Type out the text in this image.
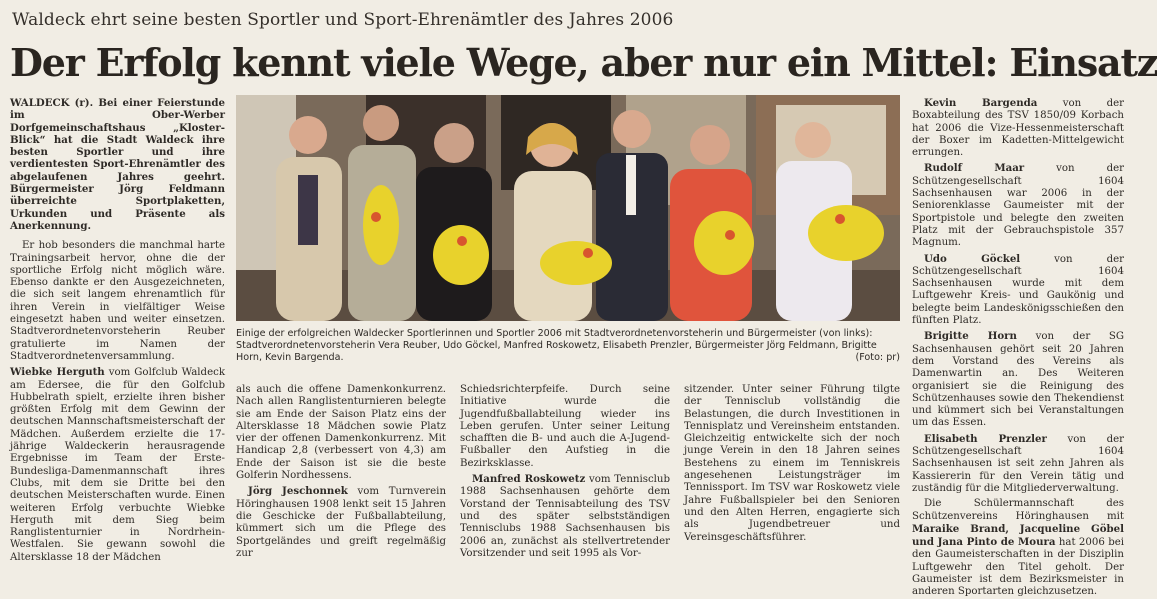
Waldeck ehrt seine besten Sportler und Sport-Ehrenämtler des Jahres 2006
Der Erfolg kennt viele Wege, aber nur ein Mittel: Einsatz

WALDECK (r). Bei einer Feierstunde im Ober-Werber Dorfgemeinschaftshaus „Kloster-Blick“ hat die Stadt Waldeck ihre besten Sportler und ihre verdientesten Sport-Ehrenämtler des abgelaufenen Jahres geehrt. Bürgermeister Jörg Feldmann überreichte Sportplaketten, Urkunden und Präsente als Anerkennung.

Er hob besonders die manchmal harte Trainingsarbeit hervor, ohne die der sportliche Erfolg nicht möglich wäre. Ebenso dankte er den Ausgezeichneten, die sich seit langem ehrenamtlich für ihren Verein in vielfältiger Weise eingesetzt haben und weiter einsetzen. Stadtverordnetenvorsteherin Reuber gratulierte im Namen der Stadtverordnetenversammlung.

Wiebke Herguth vom Golfclub Waldeck am Edersee, die für den Golfclub Hubbelrath spielt, erzielte ihren bisher größten Erfolg mit dem Gewinn der deutschen Mannschaftsmeisterschaft der Mädchen. Außerdem erzielte die 17-jährige Waldeckerin herausragende Ergebnisse im Team der Erste-Bundesliga-Damenmannschaft ihres Clubs, mit dem sie Dritte bei den deutschen Meisterschaften wurde. Einen weiteren Erfolg verbuchte Wiebke Herguth mit dem Sieg beim Ranglistenturnier in Nordrhein-Westfalen. Sie gewann sowohl die Altersklasse 18 der Mädchen

Einige der erfolgreichen Waldecker Sportlerinnen und Sportler 2006 mit Stadtverordnetenvorsteherin und Bürgermeister (von links): Stadtverordnetenvorsteherin Vera Reuber, Udo Göckel, Manfred Roskowetz, Elisabeth Prenzler, Bürgermeister Jörg Feldmann, Brigitte Horn, Kevin Bargenda.	(Foto: pr)

als auch die offene Damenkonkurrenz. Nach allen Ranglistenturnieren belegte sie am Ende der Saison Platz eins der Altersklasse 18 Mädchen sowie Platz vier der offenen Damenkonkurrenz. Mit Handicap 2,8 (verbessert von 4,3) am Ende der Saison ist sie die beste Golferin Nordhessens.

Jörg Jeschonnek vom Turnverein Höringhausen 1908 lenkt seit 15 Jahren die Geschicke der Fußballabteilung, kümmert sich um die Pflege des Sportgeländes und greift regelmäßig zur

Schiedsrichterpfeife. Durch seine Initiative wurde die Jugendfußballabteilung wieder ins Leben gerufen. Unter seiner Leitung schafften die B- und auch die A-Jugend-Fußballer den Aufstieg in die Bezirksklasse.

Manfred Roskowetz vom Tennisclub 1988 Sachsenhausen gehörte dem Vorstand der Tennisabteilung des TSV und des später selbstständigen Tennisclubs 1988 Sachsenhausen bis 2006 an, zunächst als stellvertretender Vorsitzender und seit 1995 als Vor-

sitzender. Unter seiner Führung tilgte der Tennisclub vollständig die Belastungen, die durch Investitionen in Tennisplatz und Vereinsheim entstanden. Gleichzeitig entwickelte sich der noch junge Verein in den 18 Jahren seines Bestehens zu einem im Tenniskreis angesehenen Leistungsträger im Tennissport. Im TSV war Roskowetz viele Jahre Fußballspieler bei den Senioren und den Alten Herren, engagierte sich als Jugendbetreuer und Vereinsgeschäftsführer.

Kevin Bargenda von der Boxabteilung des TSV 1850/09 Korbach hat 2006 die Vize-Hessenmeisterschaft der Boxer im Kadetten-Mittelgewicht errungen.

Rudolf Maar	von der Schützengesellschaft 1604 Sachsenhausen war 2006 in der Seniorenklasse Gaumeister mit der Sportpistole und belegte den zweiten Platz mit der Gebrauchspistole 357 Magnum.

Udo Göckel	von der Schützengesellschaft 1604 Sachsenhausen wurde mit dem Luftgewehr Kreis- und Gaukönig und belegte beim Landeskönigsschießen den fünften Platz.

Brigitte Horn von der SG Sachsenhausen gehört seit 20 Jahren dem Vorstand des Vereins als Damenwartin an. Des Weiteren organisiert sie die Reinigung des Schützenhauses sowie den Thekendienst und kümmert sich bei Veranstaltungen um das Essen.

Elisabeth Prenzler von der Schützengesellschaft 1604 Sachsenhausen ist seit zehn Jahren als Kassiererin für den Verein tätig und zuständig für die Mitgliederverwaltung.

Die Schülermannschaft des Schützenvereins Höringhausen mit Maraike Brand, Jacqueline Göbel und Jana Pinto de Moura hat 2006 bei den Gaumeisterschaften in der Disziplin Luftgewehr den Titel geholt. Der Gaumeister ist dem Bezirksmeister in anderen Sportarten gleichzusetzen.
